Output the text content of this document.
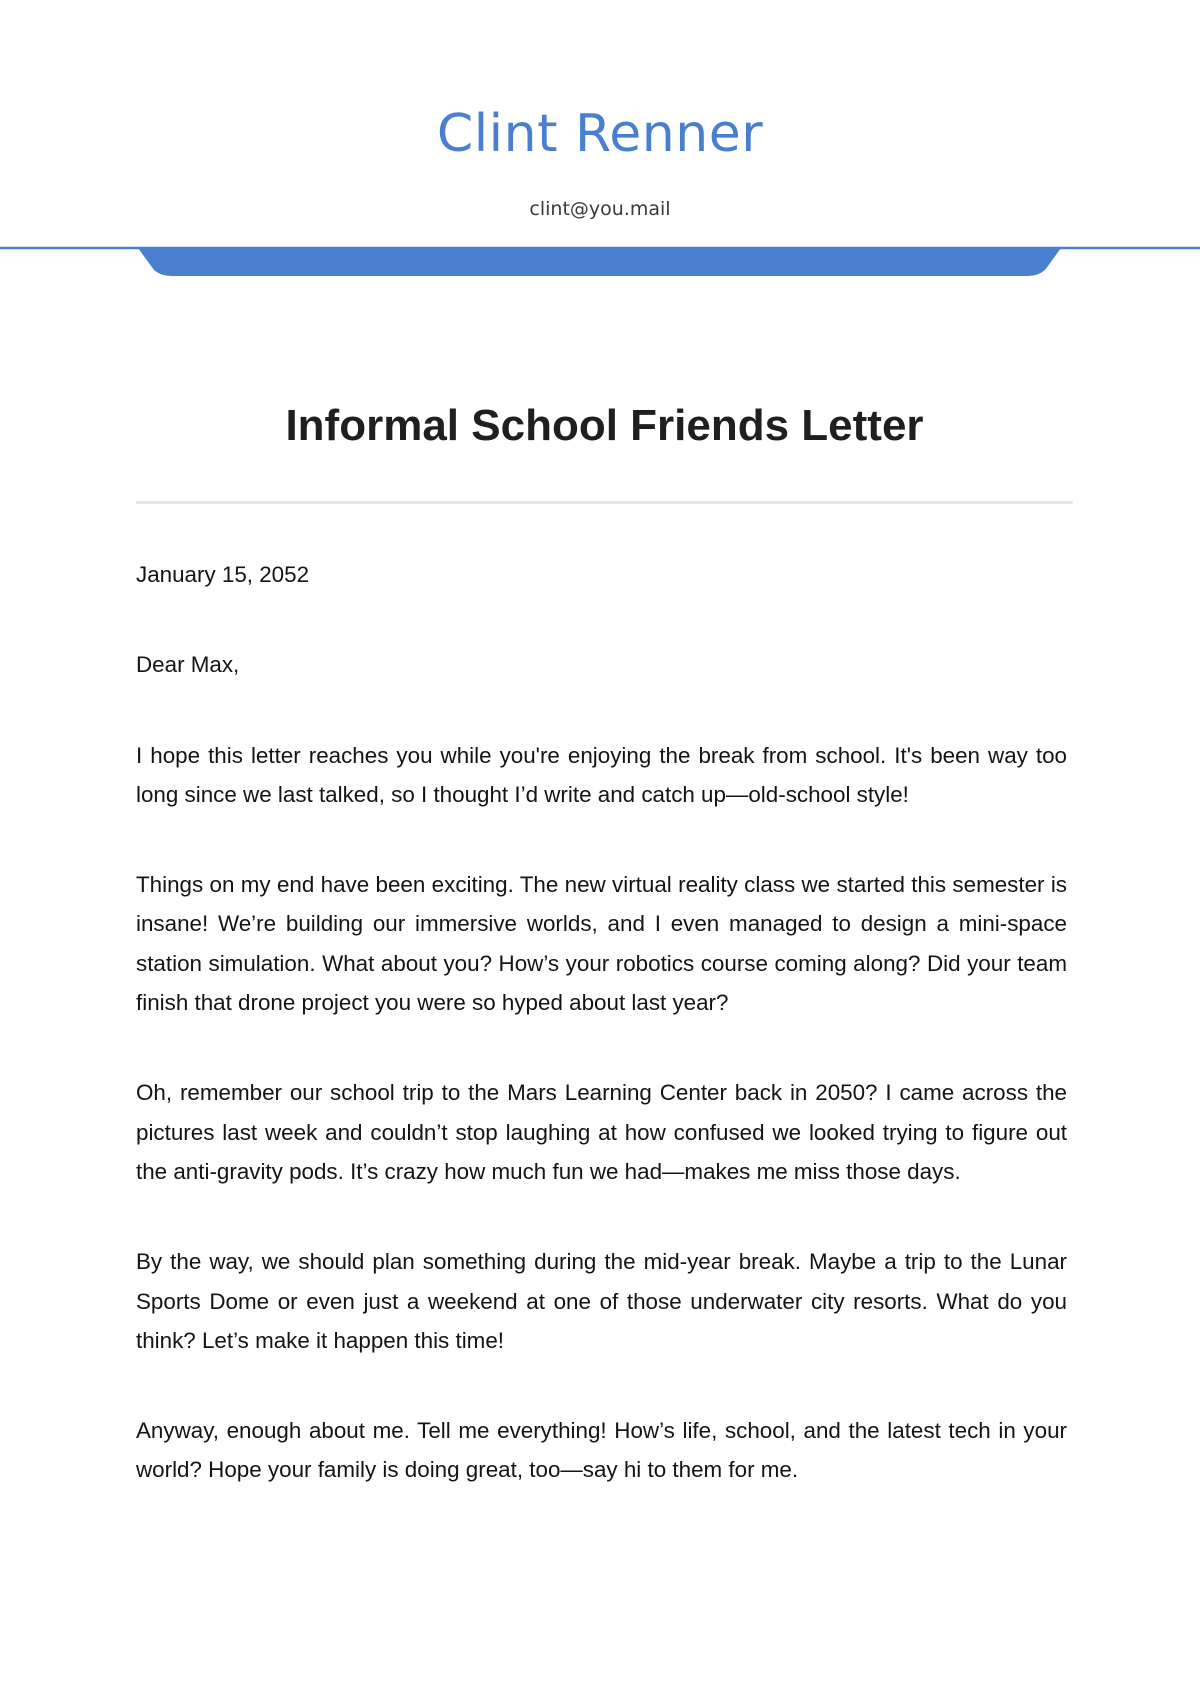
Clint Renner
clint@you.mail
Informal School Friends Letter

January 15, 2052

Dear Max,

I hope this letter reaches you while you're enjoying the break from school. It's been way too long since we last talked, so I thought I’d write and catch up—old-school style!

Things on my end have been exciting. The new virtual reality class we started this semester is insane! We’re building our immersive worlds, and I even managed to design a mini-space station simulation. What about you? How’s your robotics course coming along? Did your team finish that drone project you were so hyped about last year?

Oh, remember our school trip to the Mars Learning Center back in 2050? I came across the pictures last week and couldn’t stop laughing at how confused we looked trying to figure out the anti-gravity pods. It’s crazy how much fun we had—makes me miss those days.

By the way, we should plan something during the mid-year break. Maybe a trip to the Lunar Sports Dome or even just a weekend at one of those underwater city resorts. What do you think? Let’s make it happen this time!

Anyway, enough about me. Tell me everything! How’s life, school, and the latest tech in your world? Hope your family is doing great, too—say hi to them for me.
